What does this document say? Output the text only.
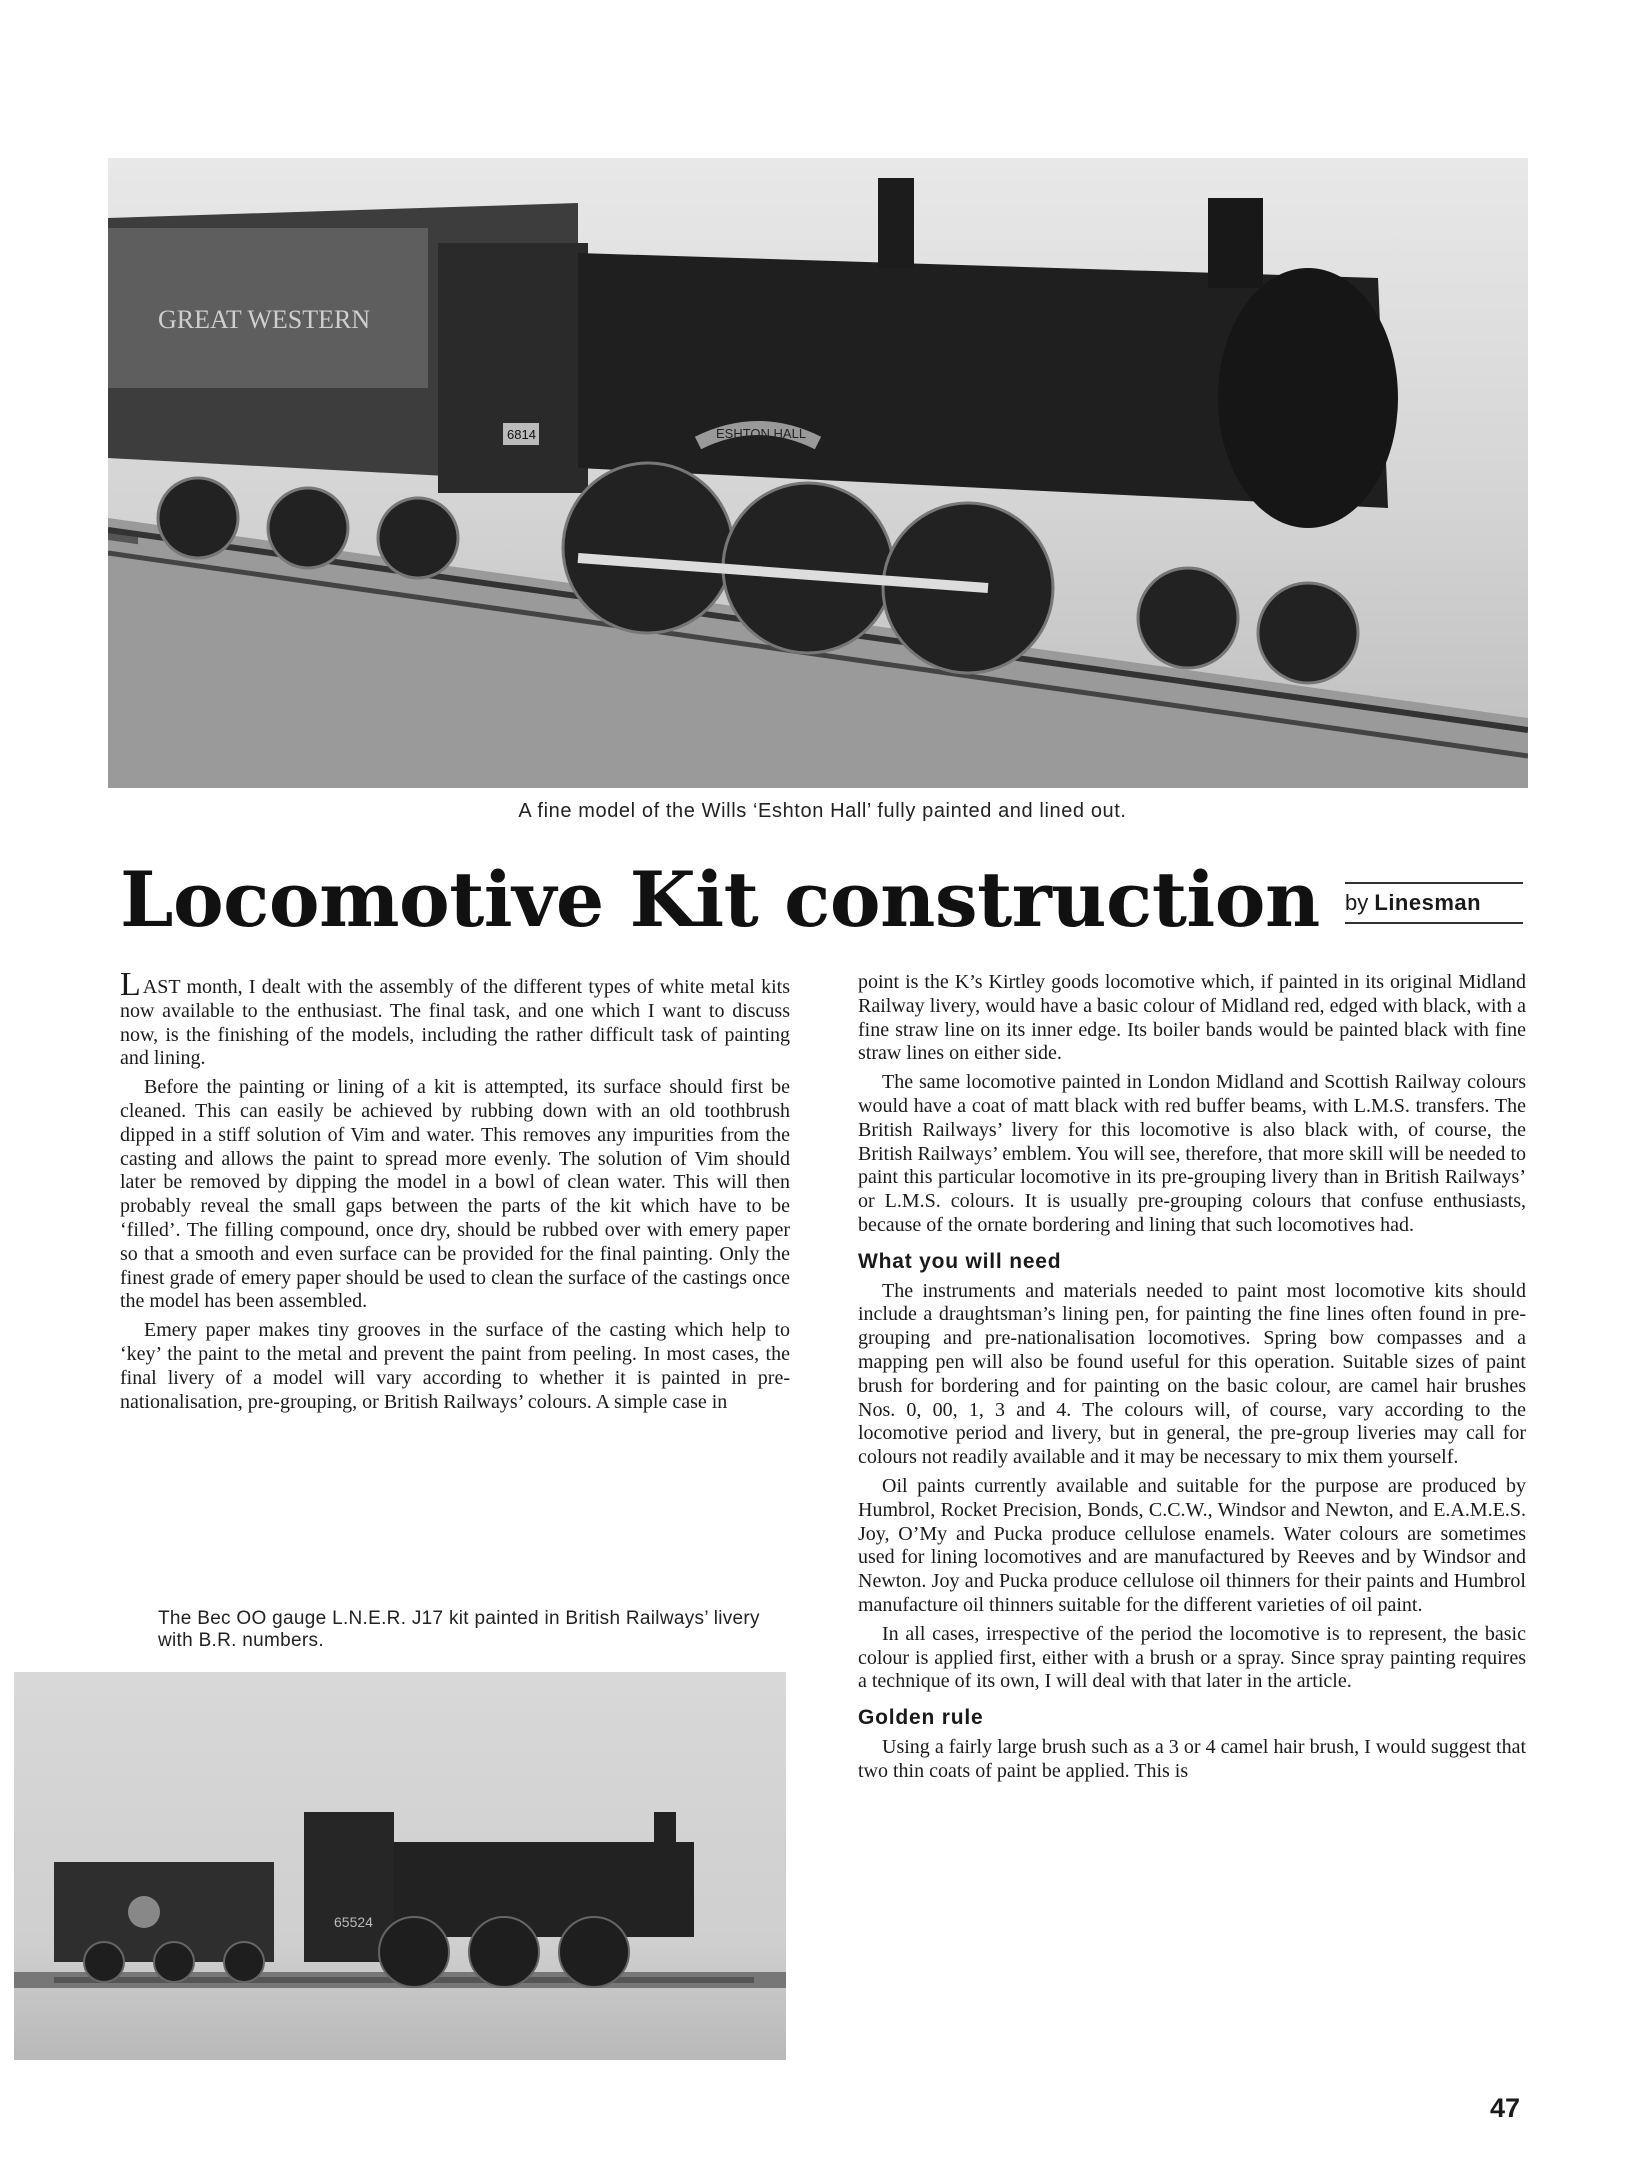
GREAT WESTERN
6814	ESHTON HALL
A fine model of the Wills ‘Eshton Hall’ fully painted and lined out.
Locomotive Kit construction by Linesman

LAST month, I dealt with the assembly of the different types of white metal kits now available to the enthusiast. The final task, and one which I want to discuss now, is the finishing of the models, including the rather difficult task of painting and lining.

Before the painting or lining of a kit is attempted, its surface should first be cleaned. This can easily be achieved by rubbing down with an old toothbrush dipped in a stiff solution of Vim and water. This removes any impurities from the casting and allows the paint to spread more evenly. The solution of Vim should later be removed by dipping the model in a bowl of clean water. This will then probably reveal the small gaps between the parts of the kit which have to be ‘filled’. The filling compound, once dry, should be rubbed over with emery paper so that a smooth and even surface can be provided for the final painting. Only the finest grade of emery paper should be used to clean the surface of the castings once the model has been assembled.

Emery paper makes tiny grooves in the surface of the casting which help to ‘key’ the paint to the metal and prevent the paint from peeling. In most cases, the final livery of a model will vary according to whether it is painted in pre-nationalisation, pre-grouping, or British Railways’ colours. A simple case in

The Bec OO gauge L.N.E.R. J17 kit painted in British Railways’ livery with B.R. numbers.
65524

point is the K’s Kirtley goods locomotive which, if painted in its original Midland Railway livery, would have a basic colour of Midland red, edged with black, with a fine straw line on its inner edge. Its boiler bands would be painted black with fine straw lines on either side.

The same locomotive painted in London Midland and Scottish Railway colours would have a coat of matt black with red buffer beams, with L.M.S. transfers. The British Railways’ livery for this locomotive is also black with, of course, the British Railways’ emblem. You will see, therefore, that more skill will be needed to paint this particular locomotive in its pre-grouping livery than in British Railways’ or L.M.S. colours. It is usually pre-grouping colours that confuse enthusiasts, because of the ornate bordering and lining that such locomotives had.

What you will need

The instruments and materials needed to paint most locomotive kits should include a draughtsman’s lining pen, for painting the fine lines often found in pre-grouping and pre-nationalisation locomotives. Spring bow compasses and a mapping pen will also be found useful for this operation. Suitable sizes of paint brush for bordering and for painting on the basic colour, are camel hair brushes Nos. 0, 00, 1, 3 and 4. The colours will, of course, vary according to the locomotive period and livery, but in general, the pre-group liveries may call for colours not readily available and it may be necessary to mix them yourself.

Oil paints currently available and suitable for the purpose are produced by Humbrol, Rocket Precision, Bonds, C.C.W., Windsor and Newton, and E.A.M.E.S. Joy, O’My and Pucka produce cellulose enamels. Water colours are sometimes used for lining locomotives and are manufactured by Reeves and by Windsor and Newton. Joy and Pucka produce cellulose oil thinners for their paints and Humbrol manufacture oil thinners suitable for the different varieties of oil paint.

In all cases, irrespective of the period the locomotive is to represent, the basic colour is applied first, either with a brush or a spray. Since spray painting requires a technique of its own, I will deal with that later in the article.

Golden rule

Using a fairly large brush such as a 3 or 4 camel hair brush, I would suggest that two thin coats of paint be applied. This is

47
